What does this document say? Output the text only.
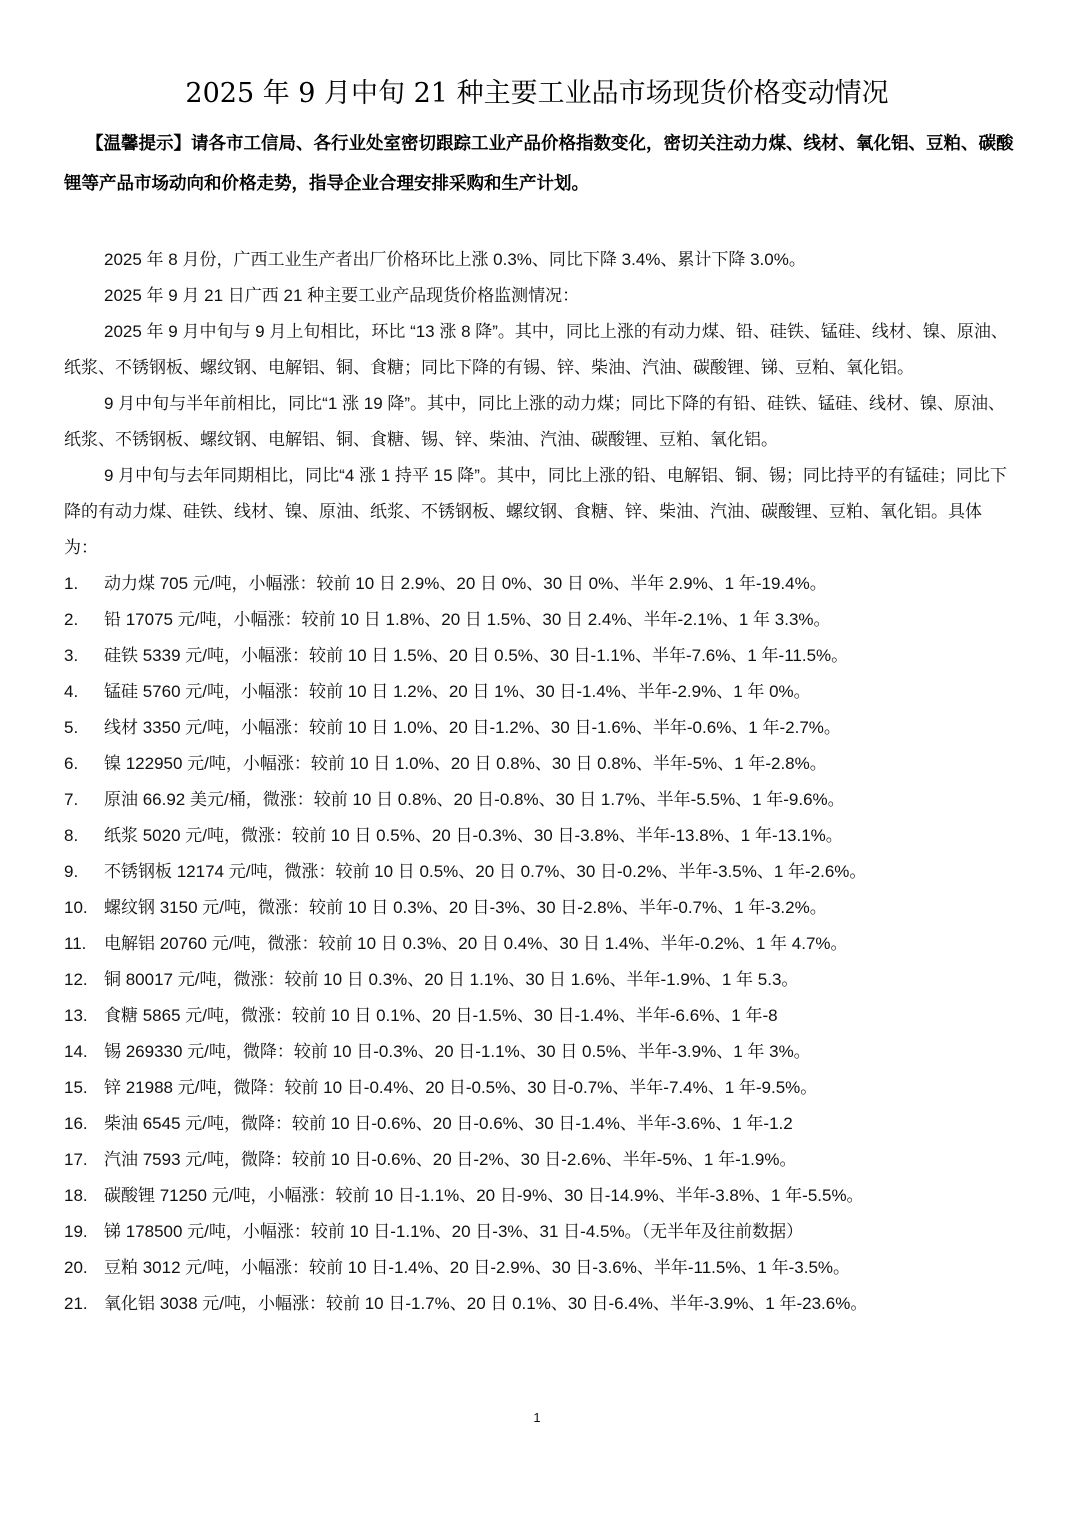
2025 年 9 月中旬 21 种主要工业品市场现货价格变动情况
【温馨提示】请各市工信局、各行业处室密切跟踪工业产品价格指数变化，密切关注动力煤、线材、氧化铝、豆粕、碳酸锂等产品市场动向和价格走势，指导企业合理安排采购和生产计划。

2025 年 8 月份，广西工业生产者出厂价格环比上涨 0.3%、同比下降 3.4%、累计下降 3.0%。

2025 年 9 月 21 日广西 21 种主要工业产品现货价格监测情况：

2025 年 9 月中旬与 9 月上旬相比，环比 “13 涨 8 降”。其中，同比上涨的有动力煤、铅、硅铁、锰硅、线材、镍、原油、纸浆、不锈钢板、螺纹钢、电解铝、铜、食糖；同比下降的有锡、锌、柴油、汽油、碳酸锂、锑、豆粕、氧化铝。

9 月中旬与半年前相比，同比“1 涨 19 降”。其中，同比上涨的动力煤；同比下降的有铅、硅铁、锰硅、线材、镍、原油、纸浆、不锈钢板、螺纹钢、电解铝、铜、食糖、锡、锌、柴油、汽油、碳酸锂、豆粕、氧化铝。

9 月中旬与去年同期相比，同比“4 涨 1 持平 15 降”。其中，同比上涨的铅、电解铝、铜、锡；同比持平的有锰硅；同比下降的有动力煤、硅铁、线材、镍、原油、纸浆、不锈钢板、螺纹钢、食糖、锌、柴油、汽油、碳酸锂、豆粕、氧化铝。具体为：

1. 动力煤 705 元/吨，小幅涨：较前 10 日 2.9%、20 日 0%、30 日 0%、半年 2.9%、1 年-19.4%。
2. 铅 17075 元/吨，小幅涨：较前 10 日 1.8%、20 日 1.5%、30 日 2.4%、半年-2.1%、1 年 3.3%。
3. 硅铁 5339 元/吨，小幅涨：较前 10 日 1.5%、20 日 0.5%、30 日-1.1%、半年-7.6%、1 年-11.5%。
4. 锰硅 5760 元/吨，小幅涨：较前 10 日 1.2%、20 日 1%、30 日-1.4%、半年-2.9%、1 年 0%。
5. 线材 3350 元/吨，小幅涨：较前 10 日 1.0%、20 日-1.2%、30 日-1.6%、半年-0.6%、1 年-2.7%。
6. 镍 122950 元/吨，小幅涨：较前 10 日 1.0%、20 日 0.8%、30 日 0.8%、半年-5%、1 年-2.8%。
7. 原油 66.92 美元/桶，微涨：较前 10 日 0.8%、20 日-0.8%、30 日 1.7%、半年-5.5%、1 年-9.6%。
8. 纸浆 5020 元/吨，微涨：较前 10 日 0.5%、20 日-0.3%、30 日-3.8%、半年-13.8%、1 年-13.1%。
9. 不锈钢板 12174 元/吨，微涨：较前 10 日 0.5%、20 日 0.7%、30 日-0.2%、半年-3.5%、1 年-2.6%。
10. 螺纹钢 3150 元/吨，微涨：较前 10 日 0.3%、20 日-3%、30 日-2.8%、半年-0.7%、1 年-3.2%。
11. 电解铝 20760 元/吨，微涨：较前 10 日 0.3%、20 日 0.4%、30 日 1.4%、半年-0.2%、1 年 4.7%。
12. 铜 80017 元/吨，微涨：较前 10 日 0.3%、20 日 1.1%、30 日 1.6%、半年-1.9%、1 年 5.3。
13. 食糖 5865 元/吨，微涨：较前 10 日 0.1%、20 日-1.5%、30 日-1.4%、半年-6.6%、1 年-8
14. 锡 269330 元/吨，微降：较前 10 日-0.3%、20 日-1.1%、30 日 0.5%、半年-3.9%、1 年 3%。
15. 锌 21988 元/吨，微降：较前 10 日-0.4%、20 日-0.5%、30 日-0.7%、半年-7.4%、1 年-9.5%。
16. 柴油 6545 元/吨，微降：较前 10 日-0.6%、20 日-0.6%、30 日-1.4%、半年-3.6%、1 年-1.2
17. 汽油 7593 元/吨，微降：较前 10 日-0.6%、20 日-2%、30 日-2.6%、半年-5%、1 年-1.9%。
18. 碳酸锂 71250 元/吨，小幅涨：较前 10 日-1.1%、20 日-9%、30 日-14.9%、半年-3.8%、1 年-5.5%。
19. 锑 178500 元/吨，小幅涨：较前 10 日-1.1%、20 日-3%、31 日-4.5%。（无半年及往前数据）
20. 豆粕 3012 元/吨，小幅涨：较前 10 日-1.4%、20 日-2.9%、30 日-3.6%、半年-11.5%、1 年-3.5%。
21. 氧化铝 3038 元/吨，小幅涨：较前 10 日-1.7%、20 日 0.1%、30 日-6.4%、半年-3.9%、1 年-23.6%。
1
